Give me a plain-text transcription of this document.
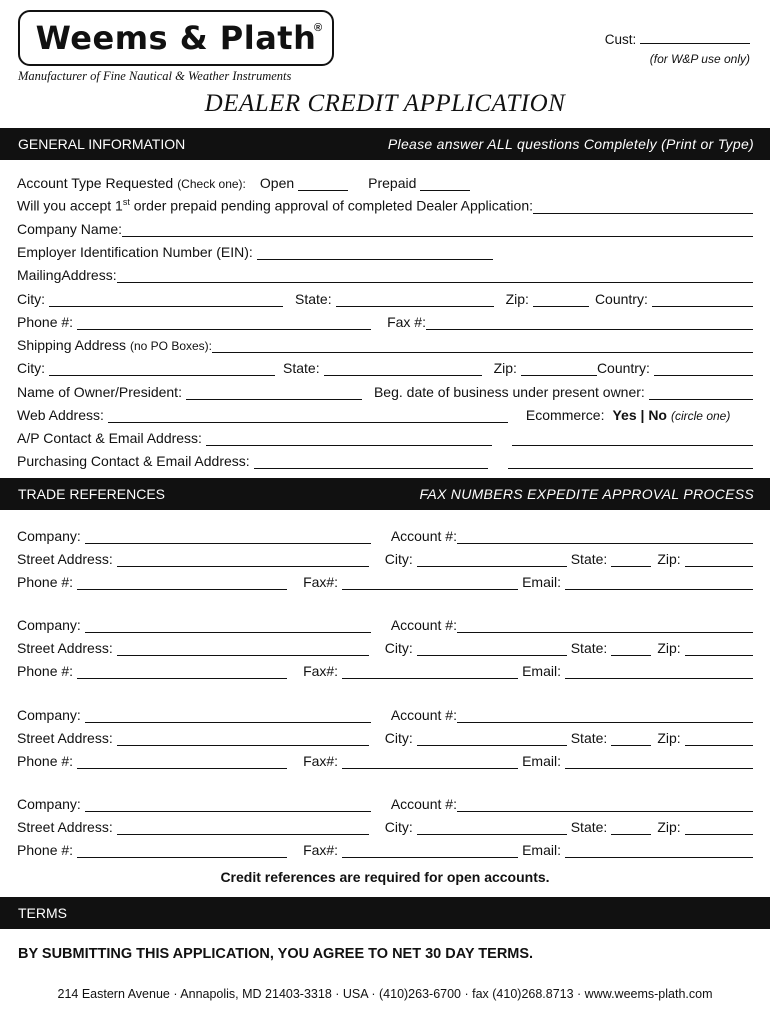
Weems & Plath
®
Manufacturer of Fine Nautical & Weather Instruments
Cust:
(for W&P use only)
DEALER CREDIT APPLICATION
GENERAL INFORMATION	Please answer ALL questions Completely (Print or Type)
Account Type Requested (Check one): Open	Prepaid
Will you accept 1st order prepaid pending approval of completed Dealer Application:
Company Name:
Employer Identification Number (EIN):
MailingAddress:
City:	State:	Zip:	Country:
Phone #:	Fax #:
Shipping Address (no PO Boxes):
City:	State:	Zip:	Country:
Name of Owner/President:	Beg. date of business under present owner:
Web Address:	Ecommerce: Yes | No (circle one)
A/P Contact & Email Address:
Purchasing Contact & Email Address:
TRADE REFERENCES	FAX NUMBERS EXPEDITE APPROVAL PROCESS
Company:	Account #:
Street Address:	City:	State:	Zip:
Phone #:	Fax#:	Email:
Company:	Account #:
Street Address:	City:	State:	Zip:
Phone #:	Fax#:	Email:
Company:	Account #:
Street Address:	City:	State:	Zip:
Phone #:	Fax#:	Email:
Company:	Account #:
Street Address:	City:	State:	Zip:
Phone #:	Fax#:	Email:
Credit references are required for open accounts.
TERMS
BY SUBMITTING THIS APPLICATION, YOU AGREE TO NET 30 DAY TERMS.
214 Eastern Avenue · Annapolis, MD 21403-3318 · USA · (410)263-6700 · fax (410)268.8713 · www.weems-plath.com
